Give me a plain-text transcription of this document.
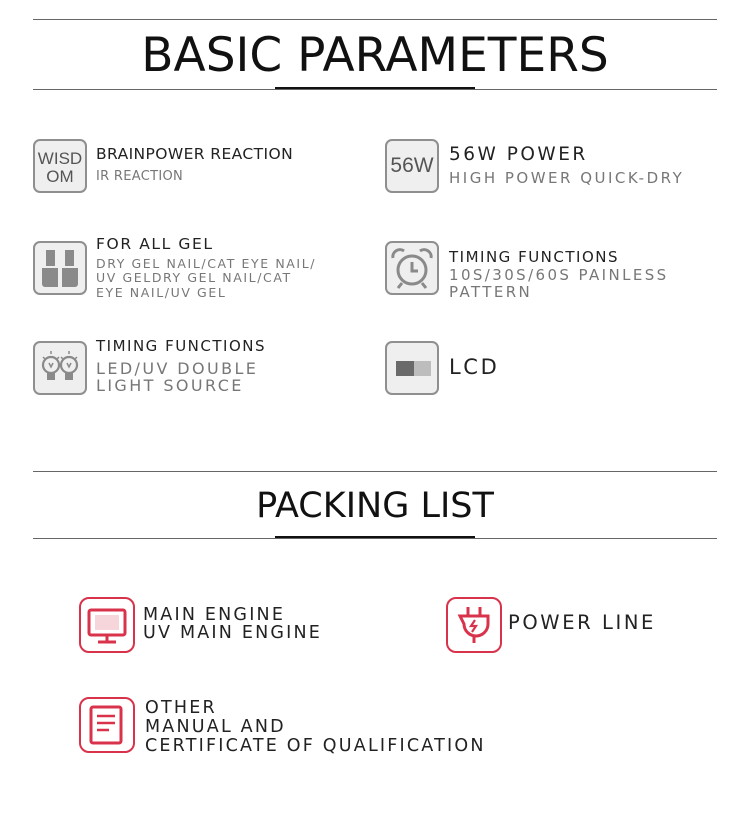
BASIC PARAMETERS
WISD
OM
BRAINPOWER REACTION
IR REACTION	56W 56W POWER
HIGH POWER QUICK-DRY
FOR ALL GEL
DRY GEL NAIL/CAT EYE NAIL/
UV GELDRY GEL NAIL/CAT
EYE NAIL/UV GEL
TIMING FUNCTIONS
10S/30S/60S PAINLESS
PATTERN
TIMING FUNCTIONS
LED/UV DOUBLE
LIGHT SOURCE
LCD
PACKING LIST
MAIN ENGINE
UV MAIN ENGINE	POWER LINE
OTHER
MANUAL AND
CERTIFICATE OF QUALIFICATION
